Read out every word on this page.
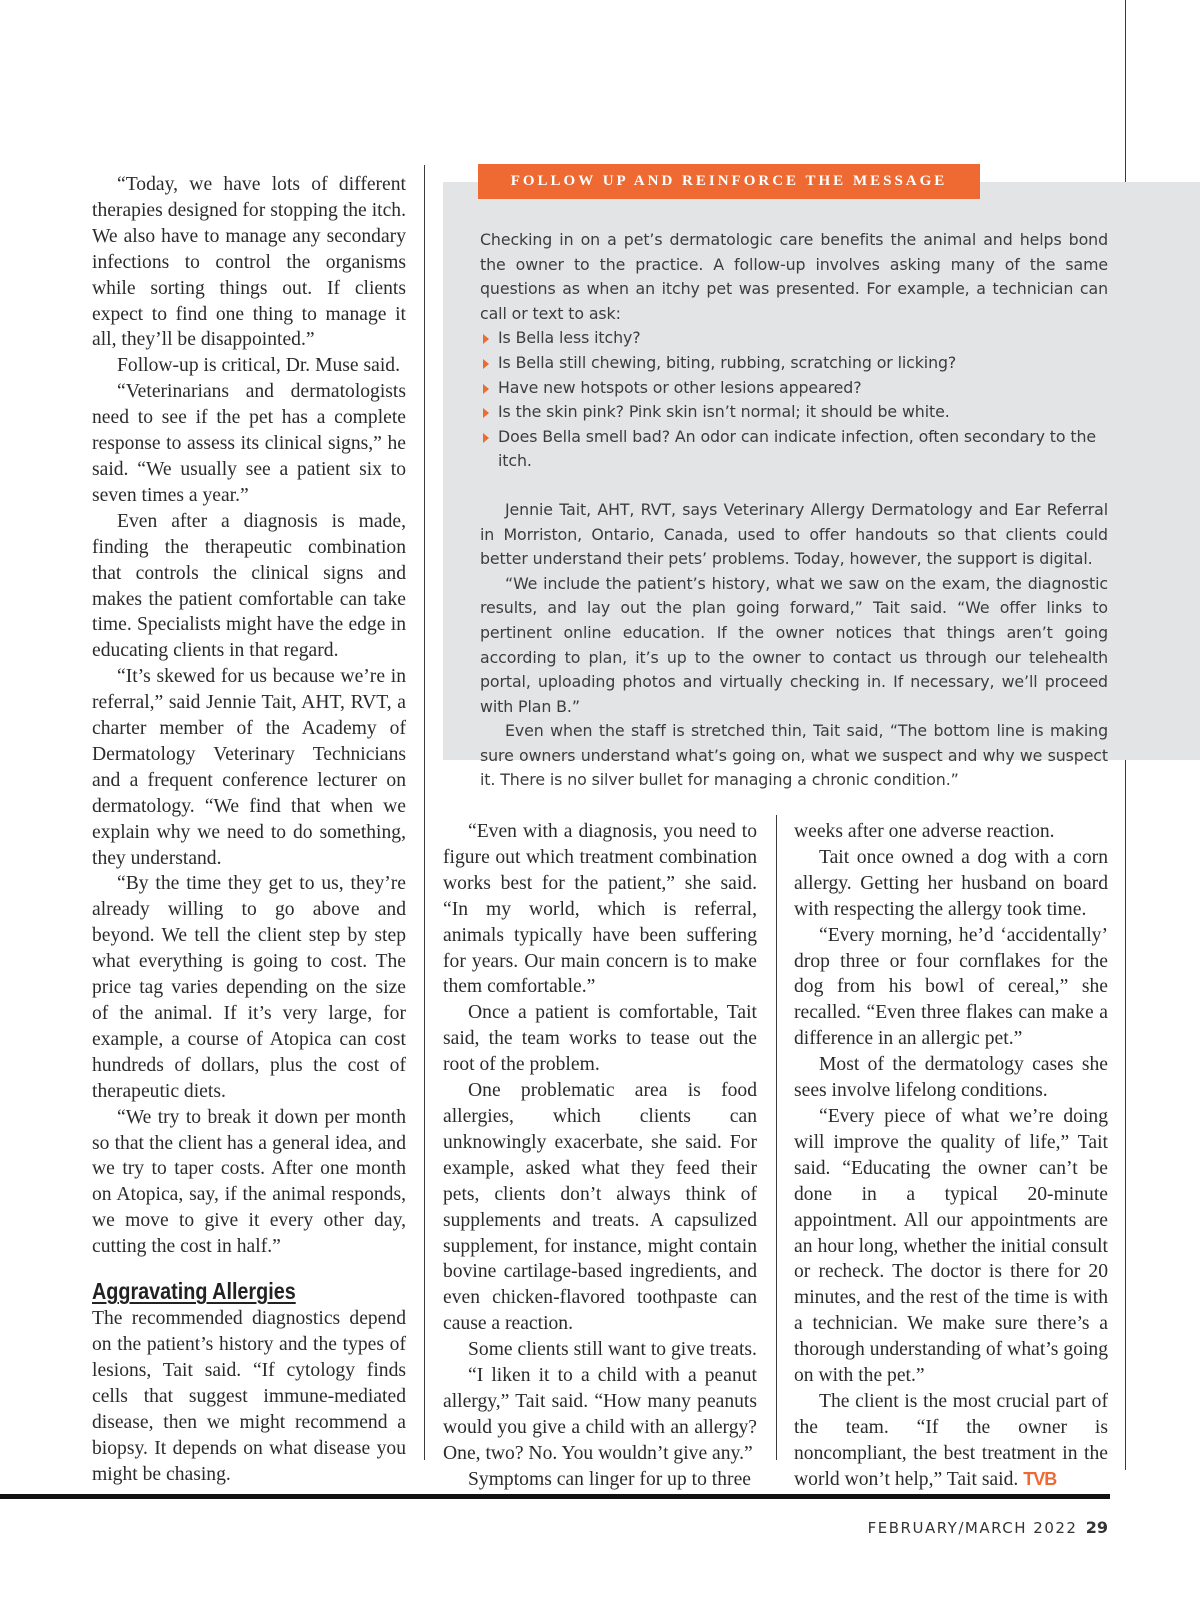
FOLLOW UP AND REINFORCE THE MESSAGE

Checking in on a pet’s dermatologic care benefits the animal and helps bond the owner to the practice. A follow-up involves asking many of the same questions as when an itchy pet was presented. For example, a technician can call or text to ask:

Is Bella less itchy?
Is Bella still chewing, biting, rubbing, scratching or licking?
Have new hotspots or other lesions appeared?
Is the skin pink? Pink skin isn’t normal; it should be white.
Does Bella smell bad? An odor can indicate infection, often secondary to the itch.

Jennie Tait, AHT, RVT, says Veterinary Allergy Dermatology and Ear Referral in Morriston, Ontario, Canada, used to offer handouts so that clients could better understand their pets’ problems. Today, however, the support is digital.

“We include the patient’s history, what we saw on the exam, the diagnostic results, and lay out the plan going forward,” Tait said. “We offer links to pertinent online education. If the owner notices that things aren’t going according to plan, it’s up to the owner to contact us through our telehealth portal, uploading photos and virtually checking in. If necessary, we’ll proceed with Plan B.”

Even when the staff is stretched thin, Tait said, “The bottom line is making sure owners understand what’s going on, what we suspect and why we suspect it. There is no silver bullet for managing a chronic condition.”

“Today, we have lots of different therapies designed for stopping the itch. We also have to manage any secondary infections to control the organisms while sorting things out. If clients expect to find one thing to manage it all, they’ll be disappointed.”

Follow-up is critical, Dr. Muse said.

“Veterinarians and dermatologists need to see if the pet has a complete response to assess its clinical signs,” he said. “We usually see a patient six to seven times a year.”

Even after a diagnosis is made, finding the therapeutic combination that controls the clinical signs and makes the patient comfortable can take time. Specialists might have the edge in educating clients in that regard.

“It’s skewed for us because we’re in referral,” said Jennie Tait, AHT, RVT, a charter member of the Academy of Dermatology Veterinary Technicians and a frequent conference lecturer on dermatology. “We find that when we explain why we need to do something, they understand.

“By the time they get to us, they’re already willing to go above and beyond. We tell the client step by step what everything is going to cost. The price tag varies depending on the size of the animal. If it’s very large, for example, a course of Atopica can cost hundreds of dollars, plus the cost of therapeutic diets.

“We try to break it down per month so that the client has a general idea, and we try to taper costs. After one month on Atopica, say, if the animal responds, we move to give it every other day, cutting the cost in half.”

Aggravating Allergies

The recommended diagnostics depend on the patient’s history and the types of lesions, Tait said. “If cytology finds cells that suggest immune-mediated disease, then we might recommend a biopsy. It depends on what disease you might be chasing.

“Even with a diagnosis, you need to figure out which treatment combination works best for the patient,” she said. “In my world, which is referral, animals typically have been suffering for years. Our main concern is to make them comfortable.”

Once a patient is comfortable, Tait said, the team works to tease out the root of the problem.

One problematic area is food allergies, which clients can unknowingly exacerbate, she said. For example, asked what they feed their pets, clients don’t always think of supplements and treats. A capsulized supplement, for instance, might contain bovine cartilage-based ingredients, and even chicken-flavored toothpaste can cause a reaction.

Some clients still want to give treats.

“I liken it to a child with a peanut allergy,” Tait said. “How many peanuts would you give a child with an allergy? One, two? No. You wouldn’t give any.”

Symptoms can linger for up to three

weeks after one adverse reaction.

Tait once owned a dog with a corn allergy. Getting her husband on board with respecting the allergy took time.

“Every morning, he’d ‘accidentally’ drop three or four cornflakes for the dog from his bowl of cereal,” she recalled. “Even three flakes can make a difference in an allergic pet.”

Most of the dermatology cases she sees involve lifelong conditions.

“Every piece of what we’re doing will improve the quality of life,” Tait said. “Educating the owner can’t be done in a typical 20-minute appointment. All our appointments are an hour long, whether the initial consult or recheck. The doctor is there for 20 minutes, and the rest of the time is with a technician. We make sure there’s a thorough understanding of what’s going on with the pet.”

The client is the most crucial part of the team. “If the owner is noncompliant, the best treatment in the world won’t help,” Tait said. TVB

FEBRUARY/MARCH 2022 29
